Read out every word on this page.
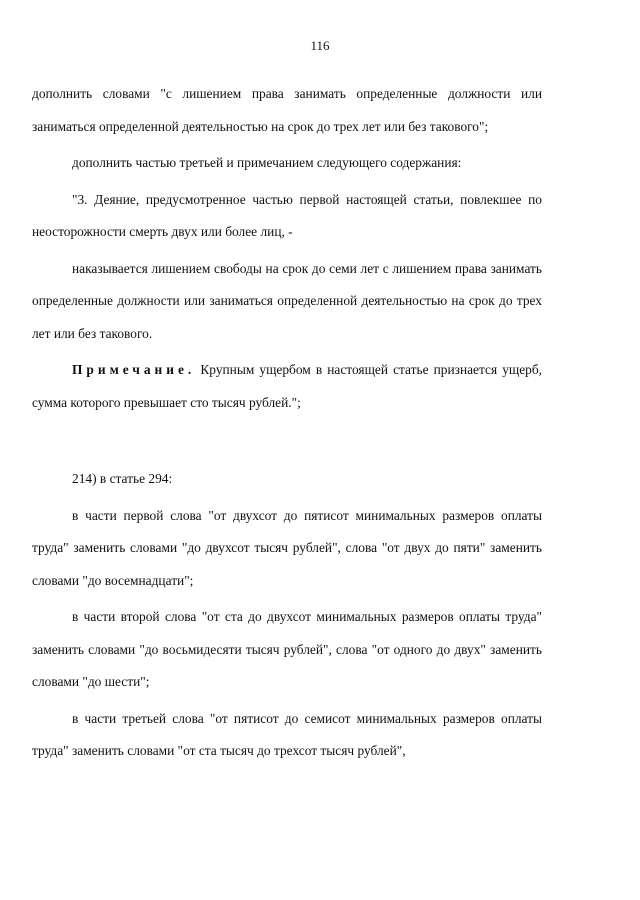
116

дополнить словами "с лишением права занимать определенные должности или заниматься определенной деятельностью на срок до трех лет или без такового";

дополнить частью третьей и примечанием следующего содержания:

"3. Деяние, предусмотренное частью первой настоящей статьи, повлекшее по неосторожности смерть двух или более лиц, -

наказывается лишением свободы на срок до семи лет с лишением права занимать определенные должности или заниматься определенной деятельностью на срок до трех лет или без такового.

Примечание. Крупным ущербом в настоящей статье признается ущерб, сумма которого превышает сто тысяч рублей.";

214) в статье 294:

в части первой слова "от двухсот до пятисот минимальных размеров оплаты труда" заменить словами "до двухсот тысяч рублей", слова "от двух до пяти" заменить словами "до восемнадцати";

в части второй слова "от ста до двухсот минимальных размеров оплаты труда" заменить словами "до восьмидесяти тысяч рублей", слова "от одного до двух" заменить словами "до шести";

в части третьей слова "от пятисот до семисот минимальных размеров оплаты труда" заменить словами "от ста тысяч до трехсот тысяч рублей",
